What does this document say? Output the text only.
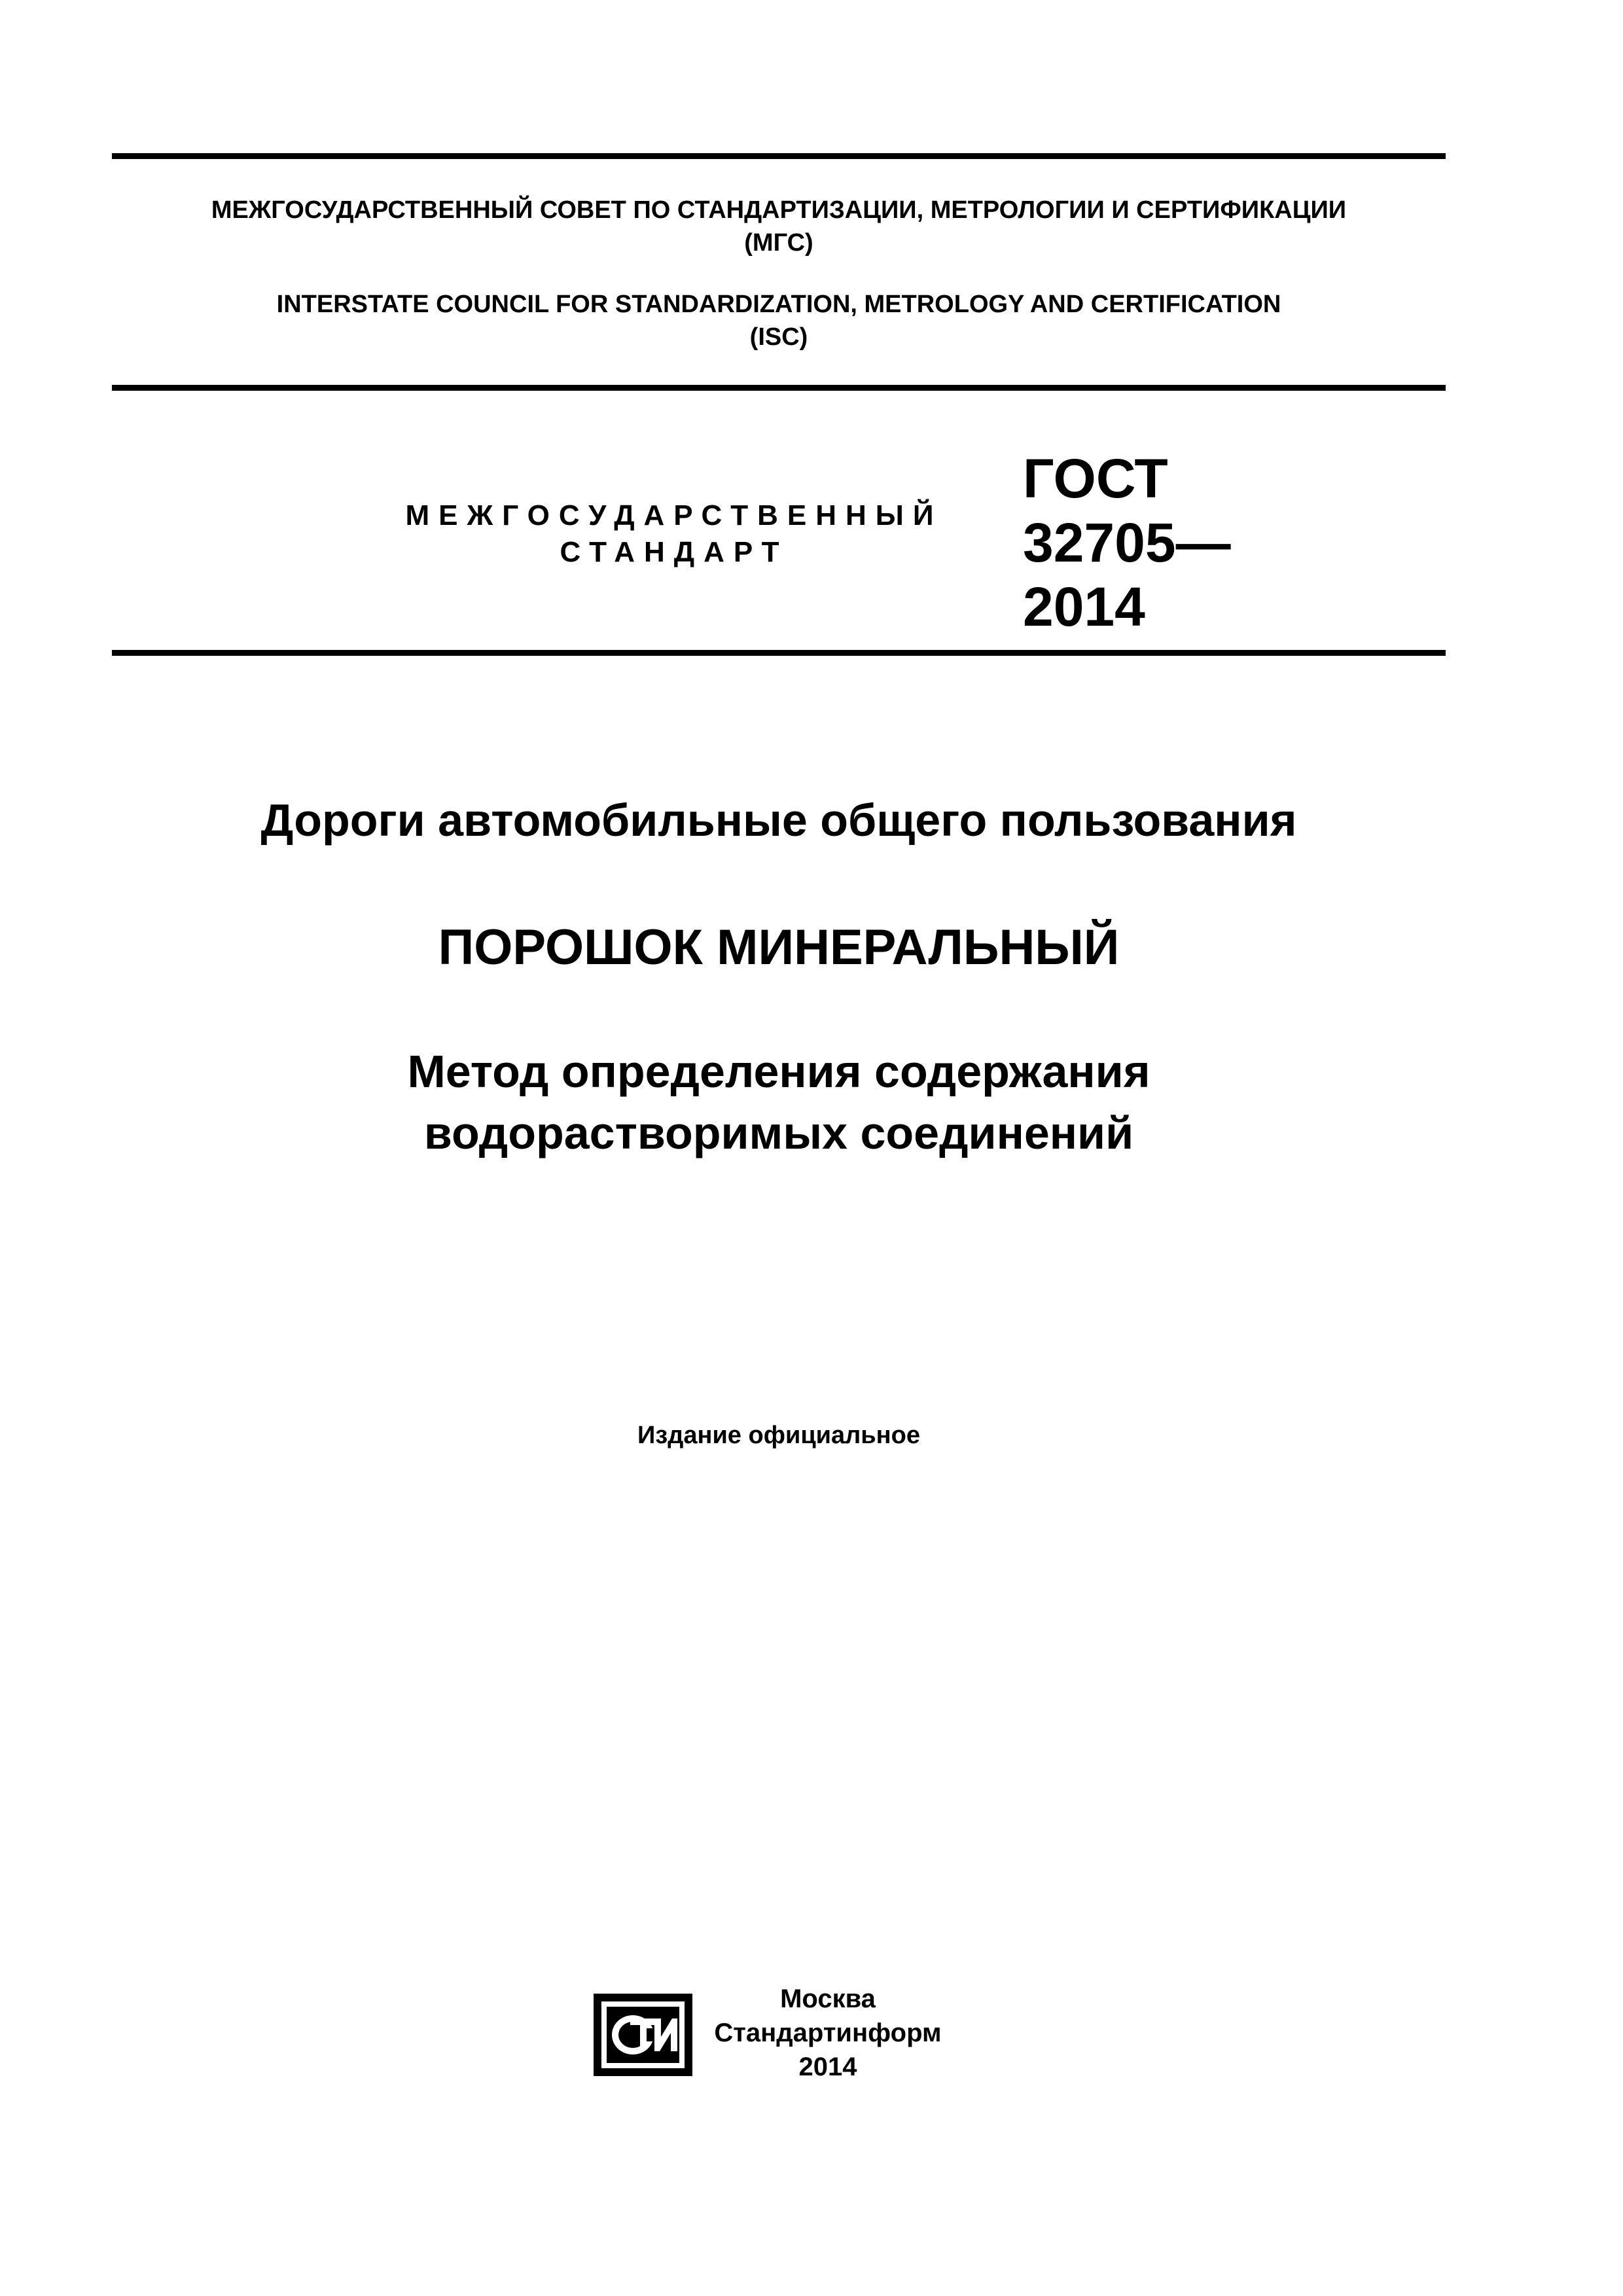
МЕЖГОСУДАРСТВЕННЫЙ СОВЕТ ПО СТАНДАРТИЗАЦИИ, МЕТРОЛОГИИ И СЕРТИФИКАЦИИ
(МГС)
INTERSTATE COUNCIL FOR STANDARDIZATION, METROLOGY AND CERTIFICATION
(ISC)
МЕЖГОСУДАРСТВЕННЫЙ
СТАНДАРТ
ГОСТ
32705—
2014
Дороги автомобильные общего пользования
ПОРОШОК МИНЕРАЛЬНЫЙ
Метод определения содержания
водорастворимых соединений
Издание официальное
Москва
Стандартинформ
2014
